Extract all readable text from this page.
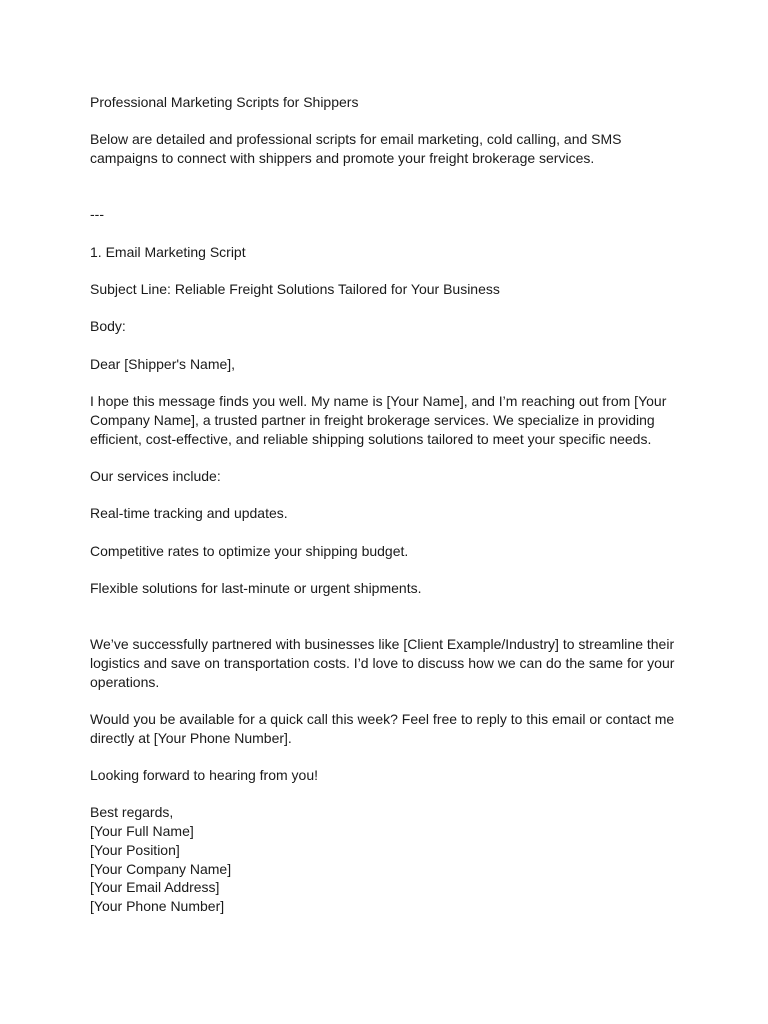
Professional Marketing Scripts for Shippers

Below are detailed and professional scripts for email marketing, cold calling, and SMS
campaigns to connect with shippers and promote your freight brokerage services.

---

1. Email Marketing Script

Subject Line: Reliable Freight Solutions Tailored for Your Business

Body:

Dear [Shipper's Name],

I hope this message finds you well. My name is [Your Name], and I’m reaching out from [Your
Company Name], a trusted partner in freight brokerage services. We specialize in providing
efficient, cost-effective, and reliable shipping solutions tailored to meet your specific needs.

Our services include:

Real-time tracking and updates.

Competitive rates to optimize your shipping budget.

Flexible solutions for last-minute or urgent shipments.

We’ve successfully partnered with businesses like [Client Example/Industry] to streamline their
logistics and save on transportation costs. I’d love to discuss how we can do the same for your
operations.

Would you be available for a quick call this week? Feel free to reply to this email or contact me
directly at [Your Phone Number].

Looking forward to hearing from you!

Best regards,
[Your Full Name]
[Your Position]
[Your Company Name]
[Your Email Address]
[Your Phone Number]
